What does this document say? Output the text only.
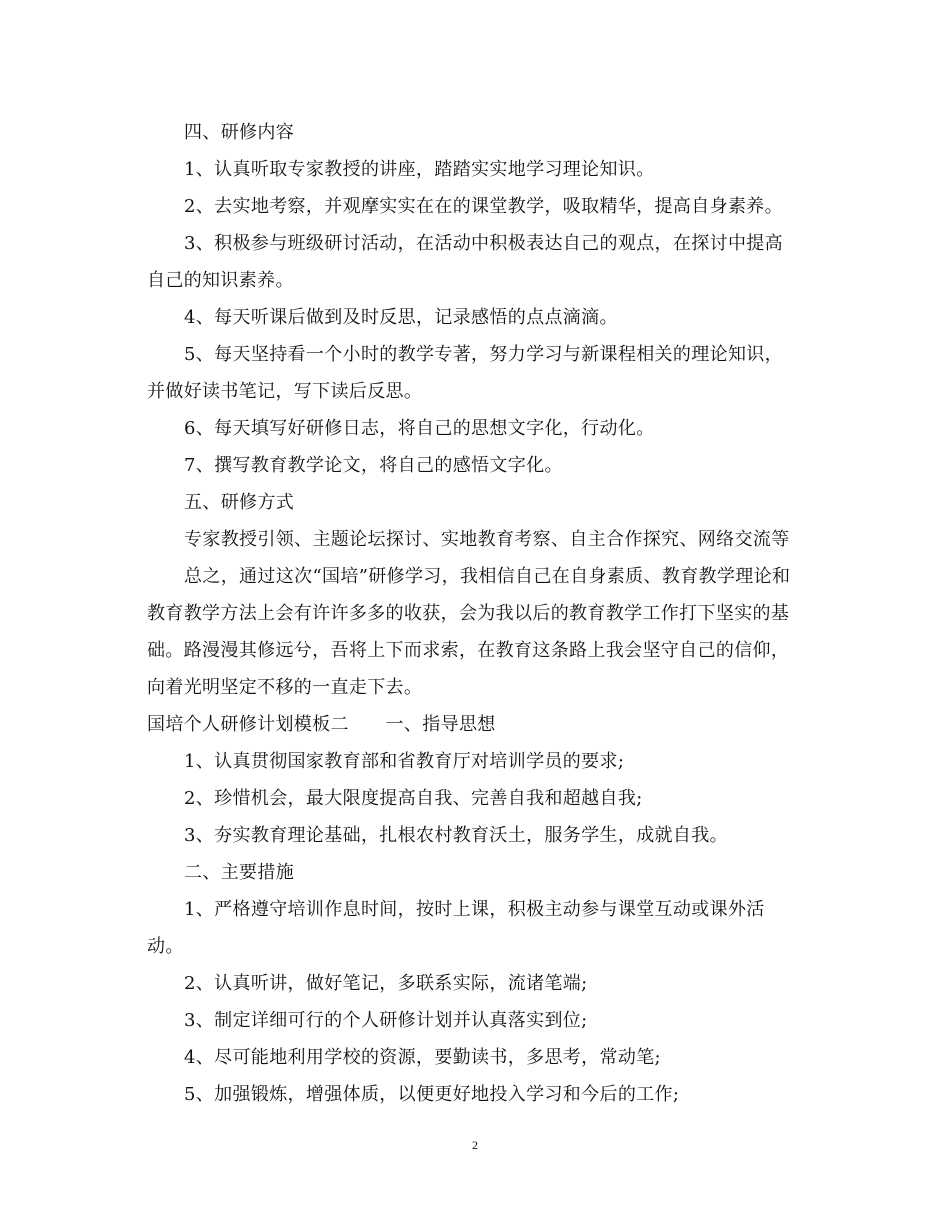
四、研修内容

1、认真听取专家教授的讲座，踏踏实实地学习理论知识。

2、去实地考察，并观摩实实在在的课堂教学，吸取精华，提高自身素养。

3、积极参与班级研讨活动，在活动中积极表达自己的观点，在探讨中提高自己的知识素养。

4、每天听课后做到及时反思，记录感悟的点点滴滴。

5、每天坚持看一个小时的教学专著，努力学习与新课程相关的理论知识，并做好读书笔记，写下读后反思。

6、每天填写好研修日志，将自己的思想文字化，行动化。

7、撰写教育教学论文，将自己的感悟文字化。

五、研修方式

专家教授引领、主题论坛探讨、实地教育考察、自主合作探究、网络交流等

总之，通过这次“国培”研修学习，我相信自己在自身素质、教育教学理论和教育教学方法上会有许许多多的收获，会为我以后的教育教学工作打下坚实的基础。路漫漫其修远兮，吾将上下而求索，在教育这条路上我会坚守自己的信仰，向着光明坚定不移的一直走下去。

国培个人研修计划模板二　　一、指导思想

1、认真贯彻国家教育部和省教育厅对培训学员的要求;

2、珍惜机会，最大限度提高自我、完善自我和超越自我;

3、夯实教育理论基础，扎根农村教育沃土，服务学生，成就自我。

二、主要措施

1、严格遵守培训作息时间，按时上课，积极主动参与课堂互动或课外活动。

2、认真听讲，做好笔记，多联系实际，流诸笔端;

3、制定详细可行的个人研修计划并认真落实到位;

4、尽可能地利用学校的资源，要勤读书，多思考，常动笔;

5、加强锻炼，增强体质，以便更好地投入学习和今后的工作;

2
